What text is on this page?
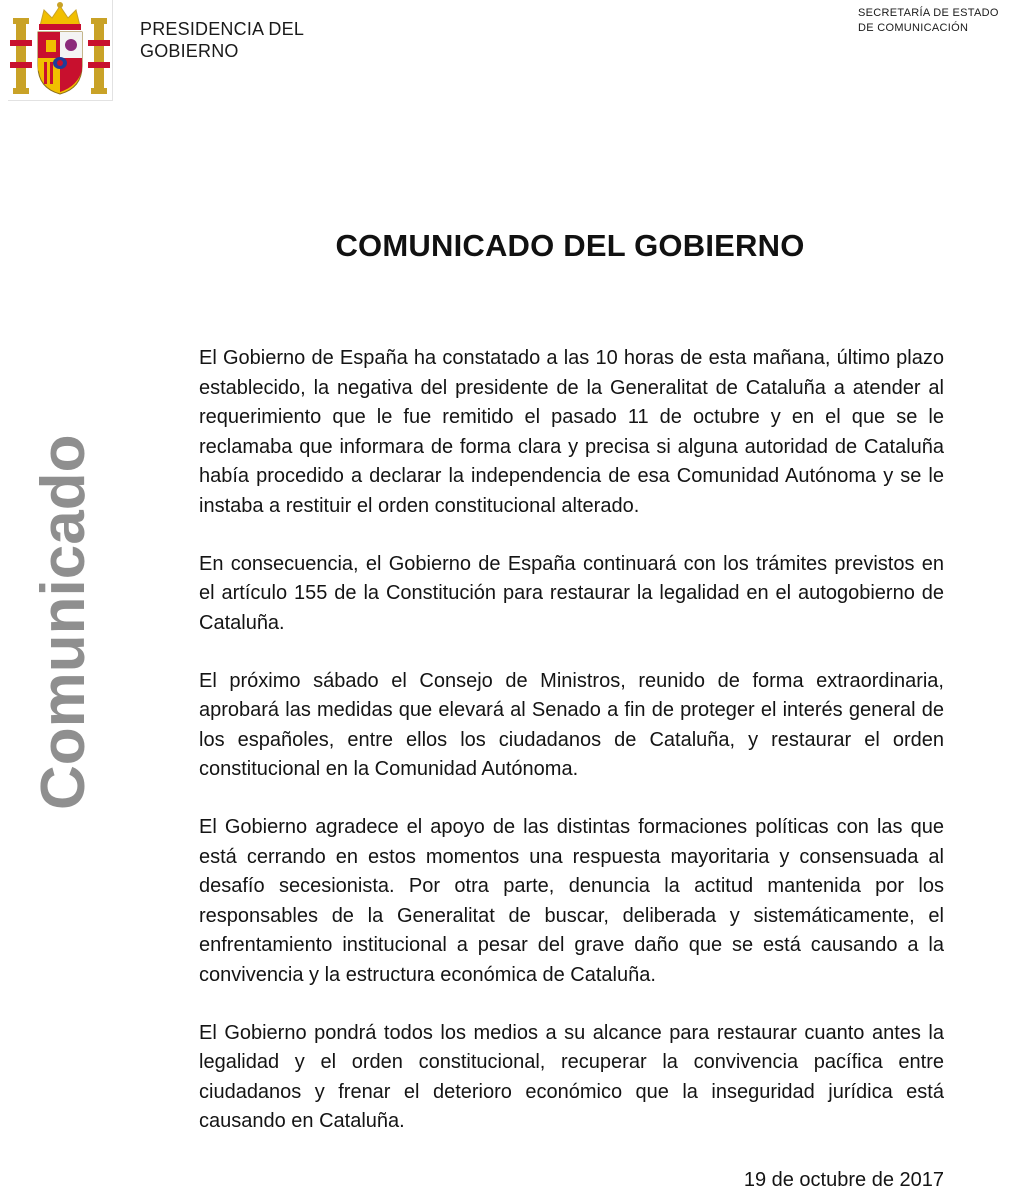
PRESIDENCIA DEL
GOBIERNO
SECRETARÍA DE ESTADO
DE COMUNICACIÓN
Comunicado
COMUNICADO DEL GOBIERNO

El Gobierno de España ha constatado a las 10 horas de esta mañana, último plazo establecido, la negativa del presidente de la Generalitat de Cataluña a atender al requerimiento que le fue remitido el pasado 11 de octubre y en el que se le reclamaba que informara de forma clara y precisa si alguna autoridad de Cataluña había procedido a declarar la independencia de esa Comunidad Autónoma y se le instaba a restituir el orden constitucional alterado.

En consecuencia, el Gobierno de España continuará con los trámites previstos en el artículo 155 de la Constitución para restaurar la legalidad en el autogobierno de Cataluña.

El próximo sábado el Consejo de Ministros, reunido de forma extraordinaria, aprobará las medidas que elevará al Senado a fin de proteger el interés general de los españoles, entre ellos los ciudadanos de Cataluña, y restaurar el orden constitucional en la Comunidad Autónoma.

El Gobierno agradece el apoyo de las distintas formaciones políticas con las que está cerrando en estos momentos una respuesta mayoritaria y consensuada al desafío secesionista. Por otra parte, denuncia la actitud mantenida por los responsables de la Generalitat de buscar, deliberada y sistemáticamente, el enfrentamiento institucional a pesar del grave daño que se está causando a la convivencia y la estructura económica de Cataluña.

El Gobierno pondrá todos los medios a su alcance para restaurar cuanto antes la legalidad y el orden constitucional, recuperar la convivencia pacífica entre ciudadanos y frenar el deterioro económico que la inseguridad jurídica está causando en Cataluña.

19 de octubre de 2017
